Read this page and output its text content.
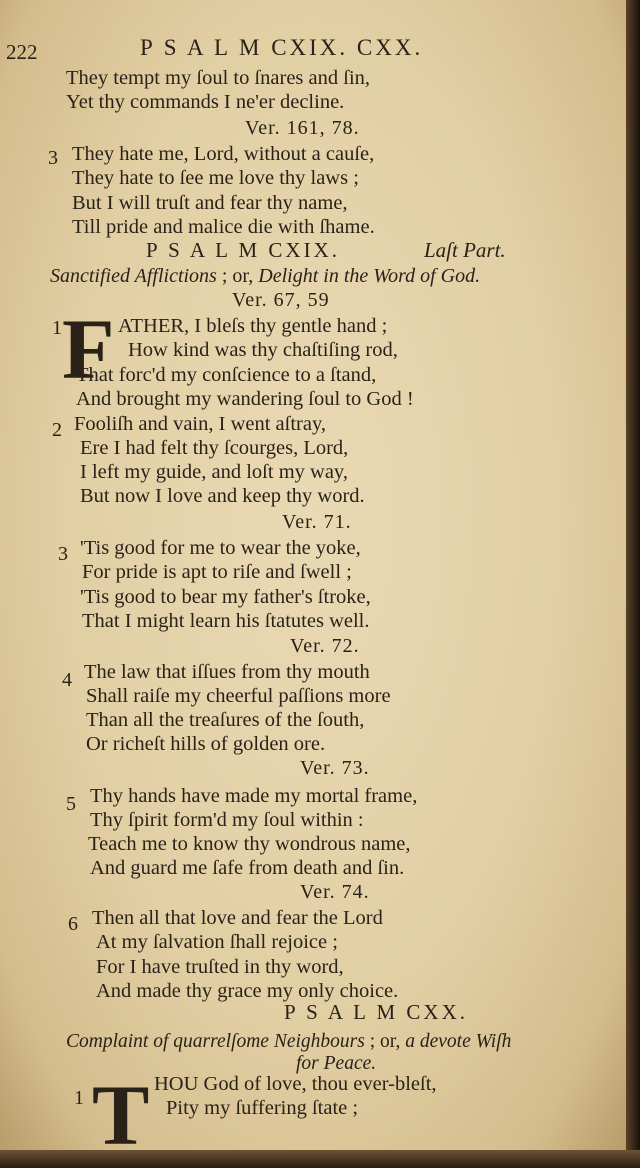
222	P S A L M CXIX. CXX.
They tempt my ſoul to ſnares and ſin,
Yet thy commands I ne'er decline.
Ver. 161, 78.
3 They hate me, Lord, without a cauſe,
They hate to ſee me love thy laws ;
But I will truſt and fear thy name,
Till pride and malice die with ſhame.
P S A L M CXIX.	Laſt Part.
Sanctified Afflictions ; or, Delight in the Word of God.
Ver. 67, 59
1 F ATHER, I bleſs thy gentle hand ;
How kind was thy chaſtiſing rod,
That forc'd my conſcience to a ſtand,
And brought my wandering ſoul to God !
2 Fooliſh and vain, I went aſtray,
Ere I had felt thy ſcourges, Lord,
I left my guide, and loſt my way,
But now I love and keep thy word.
Ver. 71.
3 'Tis good for me to wear the yoke,
For pride is apt to riſe and ſwell ;
'Tis good to bear my father's ſtroke,
That I might learn his ſtatutes well.
Ver. 72.
4 The law that iſſues from thy mouth
Shall raiſe my cheerful paſſions more
Than all the treaſures of the ſouth,
Or richeſt hills of golden ore.
Ver. 73.
5 Thy hands have made my mortal frame,
Thy ſpirit form'd my ſoul within :
Teach me to know thy wondrous name,
And guard me ſafe from death and ſin.
Ver. 74.
6 Then all that love and fear the Lord
At my ſalvation ſhall rejoice ;
For I have truſted in thy word,
And made thy grace my only choice.
P S A L M CXX.
Complaint of quarrelſome Neighbours ; or, a devote Wiſh
for Peace.
1 T HOU God of love, thou ever-bleſt,
Pity my ſuffering ſtate ;
